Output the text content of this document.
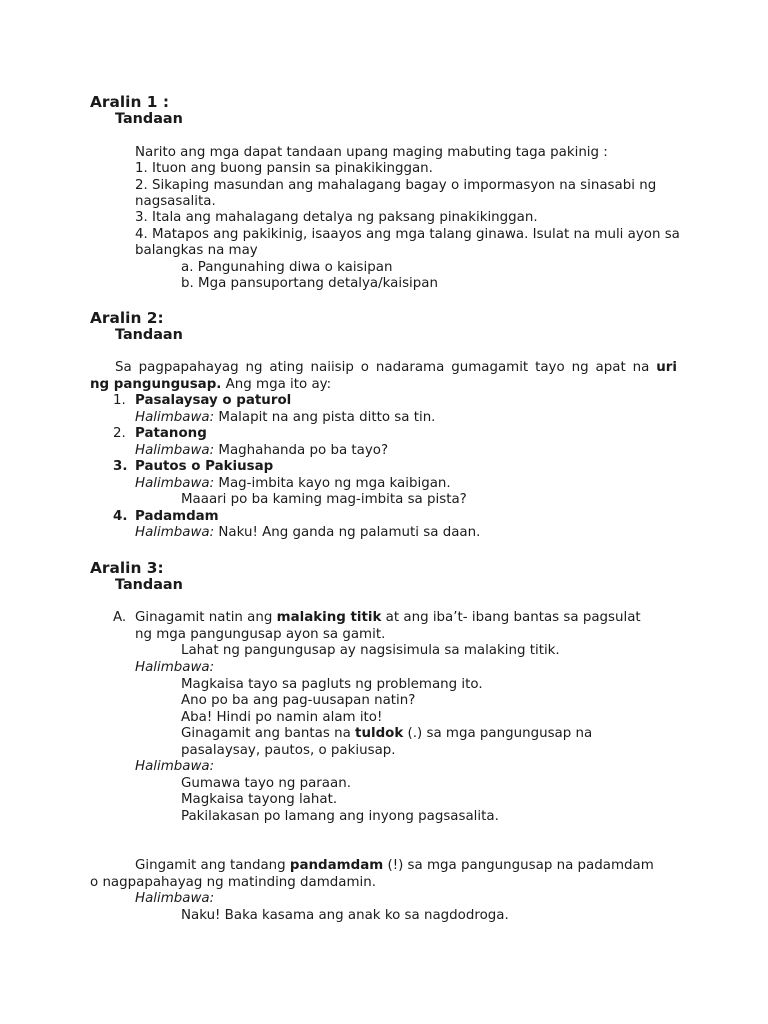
Aralin 1 :
Tandaan
Narito ang mga dapat tandaan upang maging mabuting taga pakinig :
1. Ituon ang buong pansin sa pinakikinggan.
2. Sikaping masundan ang mahalagang bagay o impormasyon na sinasabi ng
nagsasalita.
3. Itala ang mahalagang detalya ng paksang pinakikinggan.
4. Matapos ang pakikinig, isaayos ang mga talang ginawa. Isulat na muli ayon sa
balangkas na may
a. Pangunahing diwa o kaisipan
b. Mga pansuportang detalya/kaisipan
Aralin 2:
Tandaan
Sa pagpapahayag ng ating naiisip o nadarama gumagamit tayo ng apat na uri
ng pangungusap. Ang mga ito ay:
1. Pasalaysay o paturol
Halimbawa: Malapit na ang pista ditto sa tin.
2. Patanong
Halimbawa: Maghahanda po ba tayo?
3. Pautos o Pakiusap
Halimbawa: Mag-imbita kayo ng mga kaibigan.
Maaari po ba kaming mag-imbita sa pista?
4. Padamdam
Halimbawa: Naku! Ang ganda ng palamuti sa daan.
Aralin 3:
Tandaan
A. Ginagamit natin ang malaking titik at ang iba’t- ibang bantas sa pagsulat
ng mga pangungusap ayon sa gamit.
Lahat ng pangungusap ay nagsisimula sa malaking titik.
Halimbawa:
Magkaisa tayo sa pagluts ng problemang ito.
Ano po ba ang pag-uusapan natin?
Aba! Hindi po namin alam ito!
Ginagamit ang bantas na tuldok (.) sa mga pangungusap na
pasalaysay, pautos, o pakiusap.
Halimbawa:
Gumawa tayo ng paraan.
Magkaisa tayong lahat.
Pakilakasan po lamang ang inyong pagsasalita.
Gingamit ang tandang pandamdam (!) sa mga pangungusap na padamdam
o nagpapahayag ng matinding damdamin.
Halimbawa:
Naku! Baka kasama ang anak ko sa nagdodroga.
